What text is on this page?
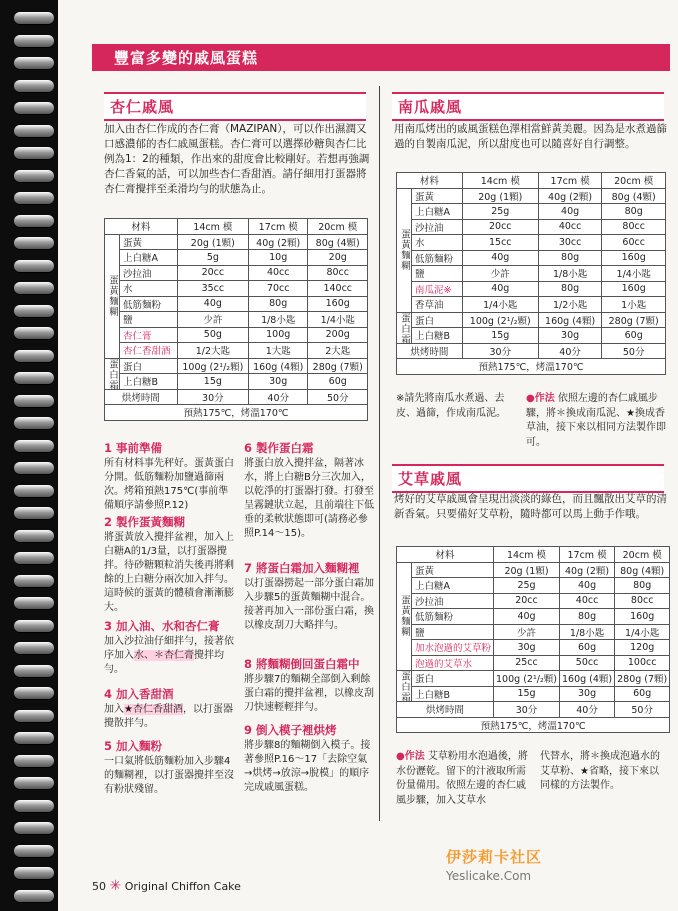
豐富多變的戚風蛋糕
杏仁戚風
加入由杏仁作成的杏仁膏（MAZIPAN），可以作出濕潤又口感濃郁的杏仁戚風蛋糕。杏仁膏可以選擇砂糖與杏仁比例為1：2的種類，作出來的甜度會比較剛好。若想再強調杏仁香氣的話，可以加些杏仁香甜酒。請仔細用打蛋器將杏仁膏攪拌至柔滑均勻的狀態為止。
材料		14cm 模	17cm 模	20cm 模
蛋黃麵糊	蛋黃	20g (1顆)	40g (2顆)	80g (4顆)
	上白糖A	5g	10g	20g
	沙拉油	20cc	40cc	80cc
	水	35cc	70cc	140cc
	低筋麵粉	40g	80g	160g
	鹽	少許	1/8小匙	1/4小匙
	杏仁膏	50g	100g	200g
	杏仁香甜酒	1/2大匙	1大匙	2大匙
蛋白霜	蛋白	100g (2¹/₂顆)	160g (4顆)	280g (7顆)
	上白糖B	15g	30g	60g
烘烤時間		30分	40分	50分
預熱175℃，烤溫170℃				
1 事前準備
所有材料事先秤好。蛋黃蛋白分開。低筋麵粉加鹽過篩兩次。烤箱預熱175℃(事前準備順序請參照P.12)
2 製作蛋黃麵糊
將蛋黃放入攪拌盆裡，加入上白糖A的1/3量，以打蛋器攪拌。待砂糖顆粒消失後再將剩餘的上白糖分兩次加入拌勻。這時候的蛋黃的體積會漸漸膨大。
3 加入油、水和杏仁膏
加入沙拉油仔細拌勻，接著依序加入水、＊杏仁膏攪拌均勻。
4 加入香甜酒
加入★杏仁香甜酒，以打蛋器攪散拌勻。
5 加入麵粉
一口氣將低筋麵粉加入步驟4的麵糊裡，以打蛋器攪拌至沒有粉狀殘留。
6 製作蛋白霜
將蛋白放入攪拌盆，隔著冰水，將上白糖B分三次加入，以乾淨的打蛋器打發。打發至呈霧鏈狀立起，且前端往下低垂的柔軟狀態即可(請務必參照P.14～15)。
7 將蛋白霜加入麵糊裡
以打蛋器撈起一部分蛋白霜加入步驟5的蛋黃麵糊中混合。接著再加入一部份蛋白霜，換以橡皮刮刀大略拌勻。
8 將麵糊倒回蛋白霜中
將步驟7的麵糊全部倒入剩餘蛋白霜的攪拌盆裡，以橡皮刮刀快速輕輕拌勻。
9 倒入模子裡烘烤
將步驟8的麵糊倒入模子。接著參照P.16～17「去除空氣→烘烤→放涼→脫模」的順序完成戚風蛋糕。
南瓜戚風
用南瓜烤出的戚風蛋糕色澤相當鮮黃美麗。因為是水煮過篩過的自製南瓜泥，所以甜度也可以隨喜好自行調整。
材料		14cm 模	17cm 模	20cm 模
蛋黃麵糊	蛋黃	20g (1顆)	40g (2顆)	80g (4顆)
	上白糖A	25g	40g	80g
	沙拉油	20cc	40cc	80cc
	水	15cc	30cc	60cc
	低筋麵粉	40g	80g	160g
	鹽	少許	1/8小匙	1/4小匙
	南瓜泥※	40g	80g	160g
	香草油	1/4小匙	1/2小匙	1小匙
蛋白霜	蛋白	100g (2¹/₂顆)	160g (4顆)	280g (7顆)
	上白糖B	15g	30g	60g
烘烤時間		30分	40分	50分
預熱175℃，烤溫170℃				
※請先將南瓜水煮過、去皮、過篩，作成南瓜泥。
●作法 依照左邊的杏仁戚風步驟，將＊換成南瓜泥、★換成香草油，接下來以相同方法製作即可。
艾草戚風
烤好的艾草戚風會呈現出淡淡的綠色，而且飄散出艾草的清新香氣。只要備好艾草粉，隨時都可以馬上動手作哦。
材料		14cm 模	17cm 模	20cm 模
蛋黃麵糊	蛋黃	20g (1顆)	40g (2顆)	80g (4顆)
	上白糖A	25g	40g	80g
	沙拉油	20cc	40cc	80cc
	低筋麵粉	40g	80g	160g
	鹽	少許	1/8小匙	1/4小匙
	加水泡過的艾草粉	30g	60g	120g
	泡過的艾草水	25cc	50cc	100cc
蛋白霜	蛋白	100g (2¹/₂顆)	160g (4顆)	280g (7顆)
	上白糖B	15g	30g	60g
烘烤時間		30分	40分	50分
預熱175℃，烤溫170℃				
●作法 艾草粉用水泡過後，將水份瀝乾。留下的汁液取所需份量備用。依照左邊的杏仁戚風步驟，加入艾草水
代替水，將＊換成泡過水的艾草粉、★省略，接下來以同樣的方法製作。
50 ✳ Original Chiffon Cake
伊莎莉卡社区
Yeslicake.Com
